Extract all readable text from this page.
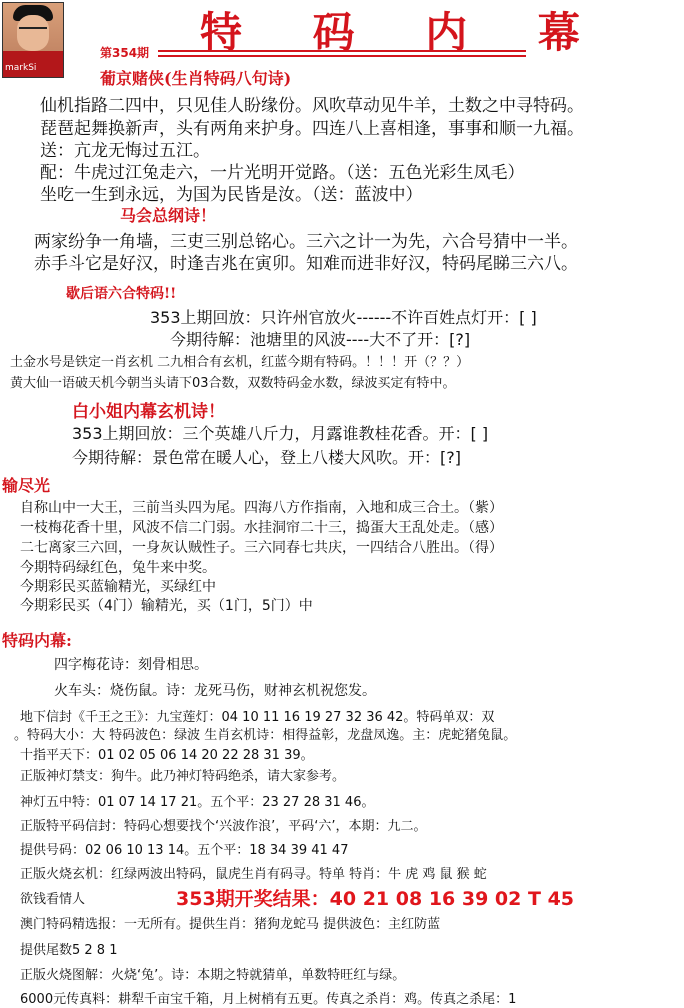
markSi
特 码 内 幕
第354期
葡京赌侠(生肖特码八句诗)
仙机指路二四中，只见佳人盼缘份。风吹草动见牛羊，土数之中寻特码。
琵琶起舞换新声，头有两角来护身。四连八上喜相逢，事事和顺一九福。
送：亢龙无悔过五江。
配：牛虎过江兔走六，一片光明开觉路。（送：五色光彩生凤毛）
坐吃一生到永远，为国为民皆是汝。（送：蓝波中）
马会总纲诗！
两家纷争一角墙，三吏三别总铭心。三六之计一为先，六合号猜中一半。
赤手斗它是好汉，时逢吉兆在寅卯。知难而进非好汉，特码尾睇三六八。
歇后语六合特码!!
353上期回放：只许州官放火------不许百姓点灯开：[ ]
今期待解：池塘里的风波----大不了开：[?]
土金水号是铁定一肖玄机 二九相合有玄机，红蓝今期有特码。！！！开（？？）
黄大仙一语破天机今朝当头请下03合数，双数特码金水数，绿波买定有特中。
白小姐内幕玄机诗！
353上期回放：三个英雄八斤力，月露谁教桂花香。开：[ ]
今期待解：景色常在暖人心，登上八楼大风吹。开：[?]
输尽光
自称山中一大王，三前当头四为尾。四海八方作指南，入地和成三合土。（紫）
一枝梅花香十里，风波不信二门弱。水挂洞帘二十三，捣蛋大王乱处走。（感）
二七离家三六回，一身灰认贼性子。三六同春七共庆，一四结合八胜出。（得）
今期特码绿红色，兔牛来中奖。
今期彩民买蓝输精光，买绿红中
今期彩民买（4门）输精光，买（1门，5门）中
特码内幕:
四字梅花诗：刻骨相思。
火车头：烧伤鼠。诗：龙死马伤，财神玄机祝您发。
地下信封《千王之王》：九宝莲灯：04 10 11 16 19 27 32 36 42。特码单双：双
。特码大小：大 特码波色：绿波 生肖玄机诗：相得益彰，龙盘凤逸。主：虎蛇猪兔鼠。
十指平天下：01 02 05 06 14 20 22 28 31 39。
正版神灯禁支：狗牛。此乃神灯特码绝杀，请大家参考。
神灯五中特：01 07 14 17 21。五个平：23 27 28 31 46。
正版特平码信封：特码心想要找个‘兴波作浪’，平码‘六’，本期：九二。
提供号码：02 06 10 13 14。五个平：18 34 39 41 47
正版火烧玄机：红绿两波出特码，鼠虎生肖有码寻。特单 特肖：牛 虎 鸡 鼠 猴 蛇
欲钱看情人	353期开奖结果：40 21 08 16 39 02 T 45
澳门特码精选报：一无所有。提供生肖：猪狗龙蛇马 提供波色：主红防蓝
提供尾数5 2 8 1
正版火烧图解：火烧‘兔’。诗：本期之特就猜单，单数特旺红与绿。
6000元传真料：耕犁千亩宝千箱，月上树梢有五更。传真之杀肖：鸡。传真之杀尾：1
